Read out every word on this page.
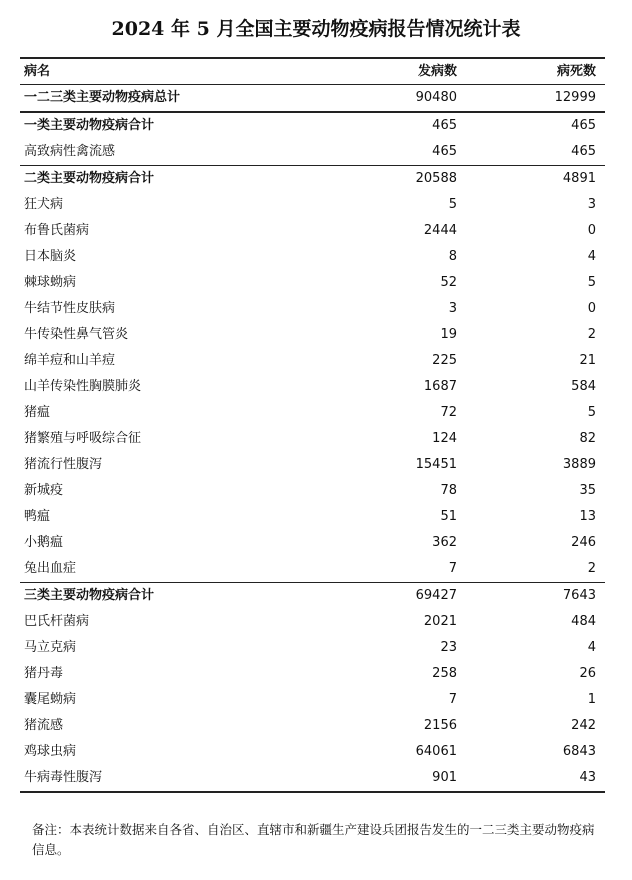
2024 年 5 月全国主要动物疫病报告情况统计表
病名	发病数	病死数
一二三类主要动物疫病总计	90480	12999
一类主要动物疫病合计	465	465
高致病性禽流感	465	465
二类主要动物疫病合计	20588	4891
狂犬病	5	3
布鲁氏菌病	2444	0
日本脑炎	8	4
棘球蚴病	52	5
牛结节性皮肤病	3	0
牛传染性鼻气管炎	19	2
绵羊痘和山羊痘	225	21
山羊传染性胸膜肺炎	1687	584
猪瘟	72	5
猪繁殖与呼吸综合征	124	82
猪流行性腹泻	15451	3889
新城疫	78	35
鸭瘟	51	13
小鹅瘟	362	246
兔出血症	7	2
三类主要动物疫病合计	69427	7643
巴氏杆菌病	2021	484
马立克病	23	4
猪丹毒	258	26
囊尾蚴病	7	1
猪流感	2156	242
鸡球虫病	64061	6843
牛病毒性腹泻	901	43
备注：本表统计数据来自各省、自治区、直辖市和新疆生产建设兵团报告发生的一二三类主要动物疫病信息。
